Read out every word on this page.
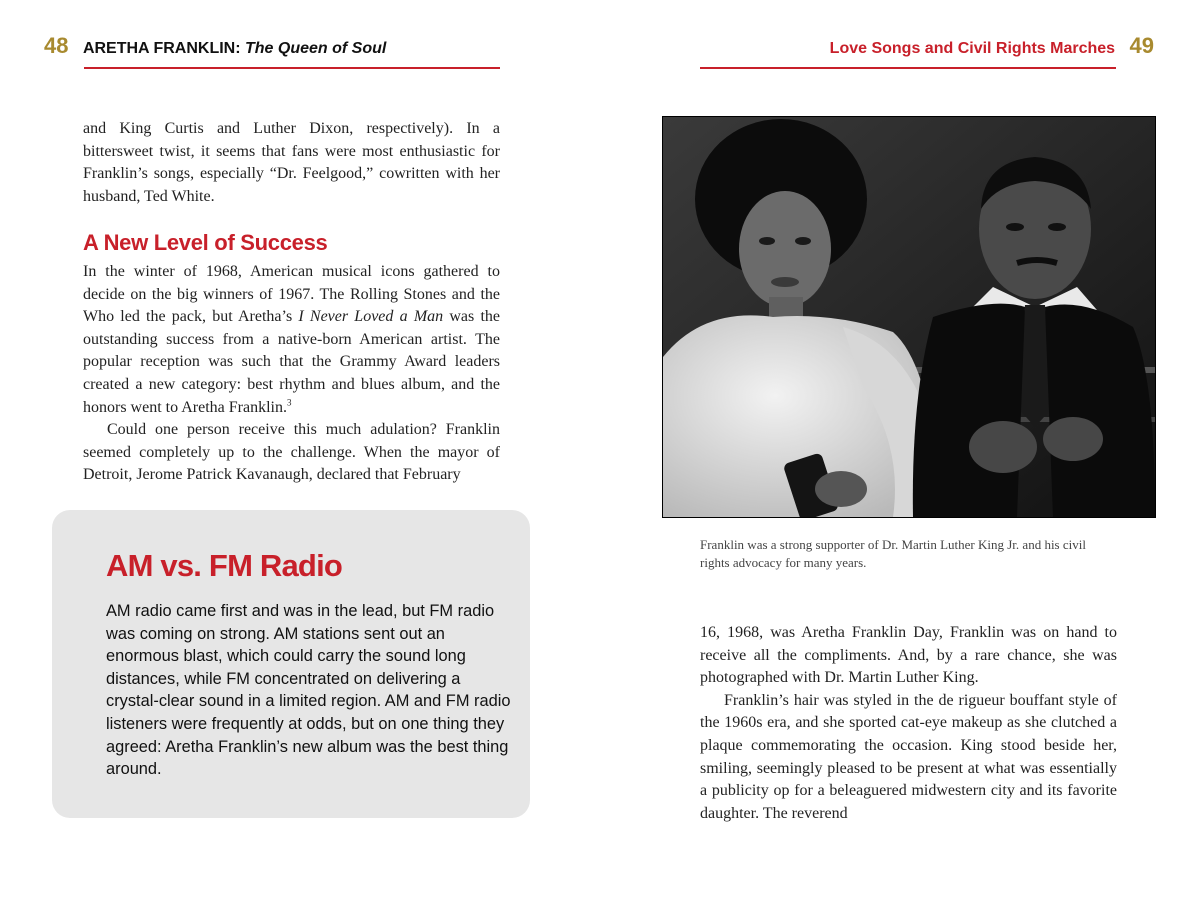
48 ARETHA FRANKLIN: The Queen of Soul

and King Curtis and Luther Dixon, respectively). In a bittersweet twist, it seems that fans were most enthusiastic for Franklin’s songs, especially “Dr. Feelgood,” cowritten with her husband, Ted White.

A New Level of Success

In the winter of 1968, American musical icons gathered to decide on the big winners of 1967. The Rolling Stones and the Who led the pack, but Aretha’s I Never Loved a Man was the outstanding success from a native-born American artist. The popular reception was such that the Grammy Award leaders created a new category: best rhythm and blues album, and the honors went to Aretha Franklin.$^3$

Could one person receive this much adulation? Franklin seemed completely up to the challenge. When the mayor of Detroit, Jerome Patrick Kavanaugh, declared that February

AM vs. FM Radio
AM radio came first and was in the lead, but FM radio was coming on strong. AM stations sent out an enormous blast, which could carry the sound long distances, while FM concentrated on delivering a crystal-clear sound in a limited region. AM and FM radio listeners were frequently at odds, but on one thing they agreed: Aretha Franklin’s new album was the best thing around.
Love Songs and Civil Rights Marches 49
Franklin was a strong supporter of Dr. Martin Luther King Jr. and his civil rights advocacy for many years.

16, 1968, was Aretha Franklin Day, Franklin was on hand to receive all the compliments. And, by a rare chance, she was photographed with Dr. Martin Luther King.

Franklin’s hair was styled in the de rigueur bouffant style of the 1960s era, and she sported cat-eye makeup as she clutched a plaque commemorating the occasion. King stood beside her, smiling, seemingly pleased to be present at what was essentially a publicity op for a beleaguered midwestern city and its favorite daughter. The reverend
